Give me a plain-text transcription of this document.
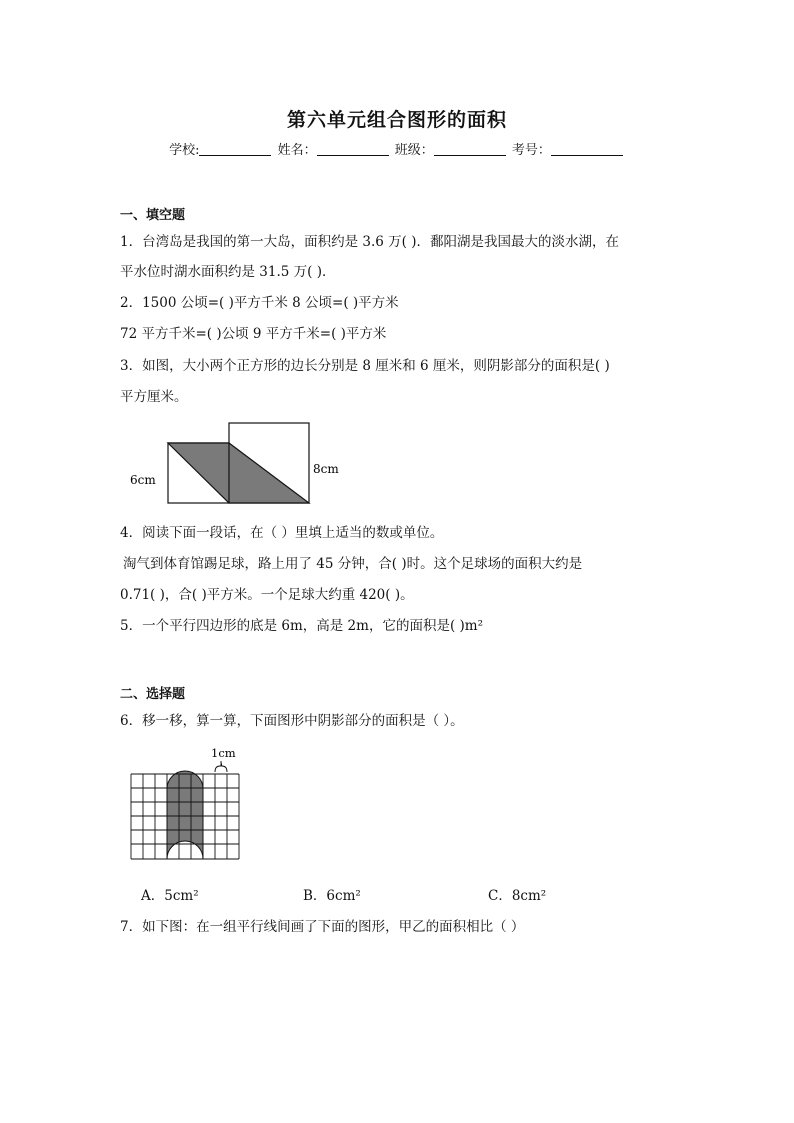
第六单元组合图形的面积
学校:	姓名：	班级：	考号：
一、填空题
1．台湾岛是我国的第一大岛，面积约是 3.6 万( )．鄱阳湖是我国最大的淡水湖，在
平水位时湖水面积约是 31.5 万( )．
2．1500 公顷=( )平方千米 8 公顷=( )平方米
72 平方千米=( )公顷 9 平方千米=( )平方米
3．如图，大小两个正方形的边长分别是 8 厘米和 6 厘米，则阴影部分的面积是( )
平方厘米。
6cm
8cm
4．阅读下面一段话，在（ ）里填上适当的数或单位。
淘气到体育馆踢足球，路上用了 45 分钟，合( )时。这个足球场的面积大约是
0.71( )，合( )平方米。一个足球大约重 420( )。
5．一个平行四边形的底是 6m，高是 2m，它的面积是( )m²
二、选择题
6．移一移，算一算，下面图形中阴影部分的面积是（ ）。
1cm
A．5cm²	B．6cm²	C．8cm²
7．如下图：在一组平行线间画了下面的图形，甲乙的面积相比（ ）
